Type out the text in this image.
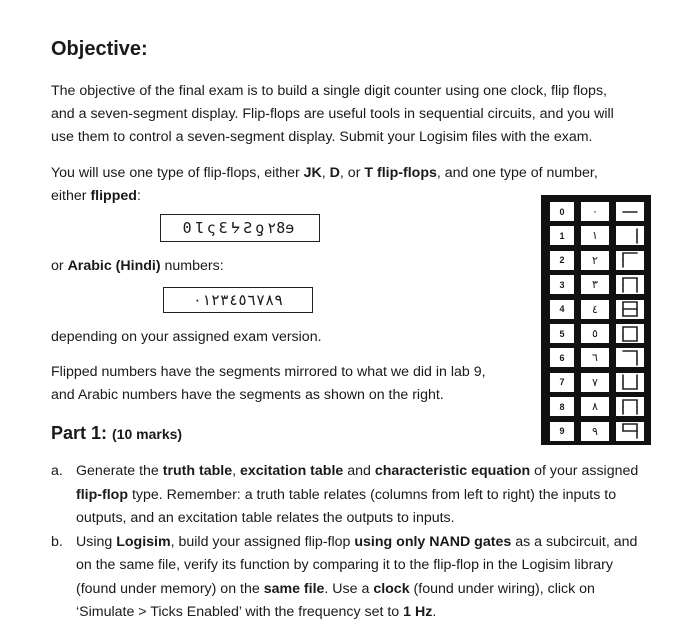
Objective:

The objective of the final exam is to build a single digit counter using one clock, flip flops,
and a seven-segment display. Flip-flops are useful tools in sequential circuits, and you will
use them to control a seven-segment display. Submit your Logisim files with the exam.

You will use one type of flip-flops, either JK, D, or T flip-flops, and one type of number,
either flipped:

0ƖςƐᔭƧƍ٢8ɘ

or Arabic (Hindi) numbers:

٠١٢٣٤٥٦٧٨٩

depending on your assigned exam version.

Flipped numbers have the segments mirrored to what we did in lab 9,
and Arabic numbers have the segments as shown on the right.

0	٠
1	١
2	٢
3	٣
4	٤
5	٥
6	٦
7	٧
8	٨
9	٩
Part 1: (10 marks)
a. Generate the truth table, excitation table and characteristic equation of your assigned
flip-flop type. Remember: a truth table relates (columns from left to right) the inputs to
outputs, and an excitation table relates the outputs to inputs.
b. Using Logisim, build your assigned flip-flop using only NAND gates as a subcircuit, and
on the same file, verify its function by comparing it to the flip-flop in the Logisim library
(found under memory) on the same file. Use a clock (found under wiring), click on
‘Simulate > Ticks Enabled’ with the frequency set to 1 Hz.
